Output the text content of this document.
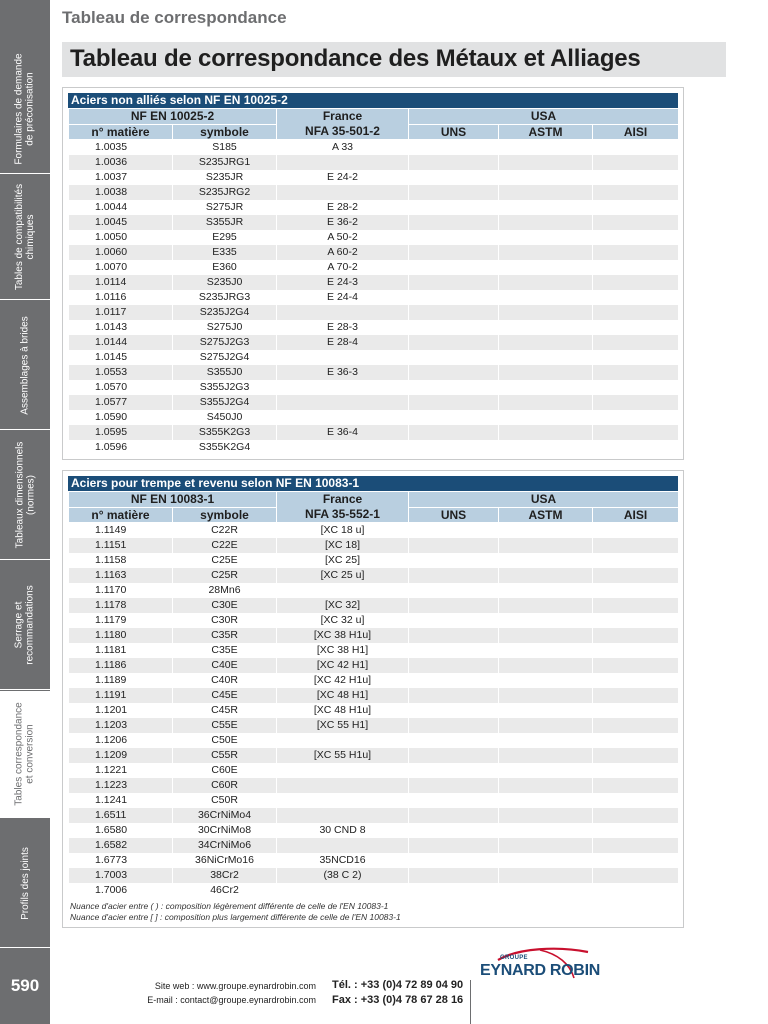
Formulaires de demande
de préconisation
Tables de compatibilités
chimiques
Assemblages à brides
Tableaux dimensionnels
(normes)
Serrage et
recommandations
Tables correspondance
et conversion
Profils des joints
590
Tableau de correspondance
Tableau de correspondance des Métaux et Alliages
Aciers non alliés selon NF EN 10025-2
NF EN 10025-2		France
NFA 35-501-2	USA		
n° matière	symbole		UNS	ASTM	AISI
1.0035	S185	A 33			
1.0036	S235JRG1				
1.0037	S235JR	E 24-2			
1.0038	S235JRG2				
1.0044	S275JR	E 28-2			
1.0045	S355JR	E 36-2			
1.0050	E295	A 50-2			
1.0060	E335	A 60-2			
1.0070	E360	A 70-2			
1.0114	S235J0	E 24-3			
1.0116	S235JRG3	E 24-4			
1.0117	S235J2G4				
1.0143	S275J0	E 28-3			
1.0144	S275J2G3	E 28-4			
1.0145	S275J2G4				
1.0553	S355J0	E 36-3			
1.0570	S355J2G3				
1.0577	S355J2G4				
1.0590	S450J0				
1.0595	S355K2G3	E 36-4			
1.0596	S355K2G4				
Aciers pour trempe et revenu selon NF EN 10083-1
NF EN 10083-1		France
NFA 35-552-1	USA		
n° matière	symbole		UNS	ASTM	AISI
1.1149	C22R	[XC 18 u]			
1.1151	C22E	[XC 18]			
1.1158	C25E	[XC 25]			
1.1163	C25R	[XC 25 u]			
1.1170	28Mn6				
1.1178	C30E	[XC 32]			
1.1179	C30R	[XC 32 u]			
1.1180	C35R	[XC 38 H1u]			
1.1181	C35E	[XC 38 H1]			
1.1186	C40E	[XC 42 H1]			
1.1189	C40R	[XC 42 H1u]			
1.1191	C45E	[XC 48 H1]			
1.1201	C45R	[XC 48 H1u]			
1.1203	C55E	[XC 55 H1]			
1.1206	C50E				
1.1209	C55R	[XC 55 H1u]			
1.1221	C60E				
1.1223	C60R				
1.1241	C50R				
1.6511	36CrNiMo4				
1.6580	30CrNiMo8	30 CND 8			
1.6582	34CrNiMo6				
1.6773	36NiCrMo16	35NCD16			
1.7003	38Cr2	(38 C 2)			
1.7006	46Cr2				
Nuance d'acier entre ( ) : composition légèrement différente de celle de l'EN 10083-1
Nuance d'acier entre [ ] : composition plus largement différente de celle de l'EN 10083-1
Site web : www.groupe.eynardrobin.com
E-mail : contact@groupe.eynardrobin.com
Tél. : +33 (0)4 72 89 04 90
Fax : +33 (0)4 78 67 28 16
GROUPE
EYNARD ROBIN
